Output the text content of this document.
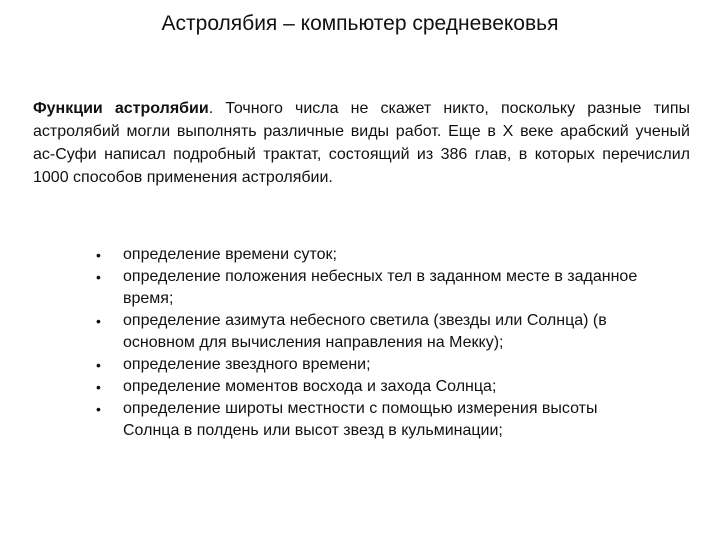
Астролябия – компьютер средневековья
Функции астролябии. Точного числа не скажет никто, поскольку разные типы астролябий могли выполнять различные виды работ. Еще в X веке арабский ученый ас-Суфи написал подробный трактат, состоящий из 386 глав, в которых перечислил 1000 способов применения астролябии.
• определение времени суток;
• определение положения небесных тел в заданном месте в заданное время;
• определение азимута небесного светила (звезды или Солнца) (в основном для вычисления направления на Мекку);
• определение звездного времени;
• определение моментов восхода и захода Солнца;
• определение широты местности с помощью измерения высоты Солнца в полдень или высот звезд в кульминации;
